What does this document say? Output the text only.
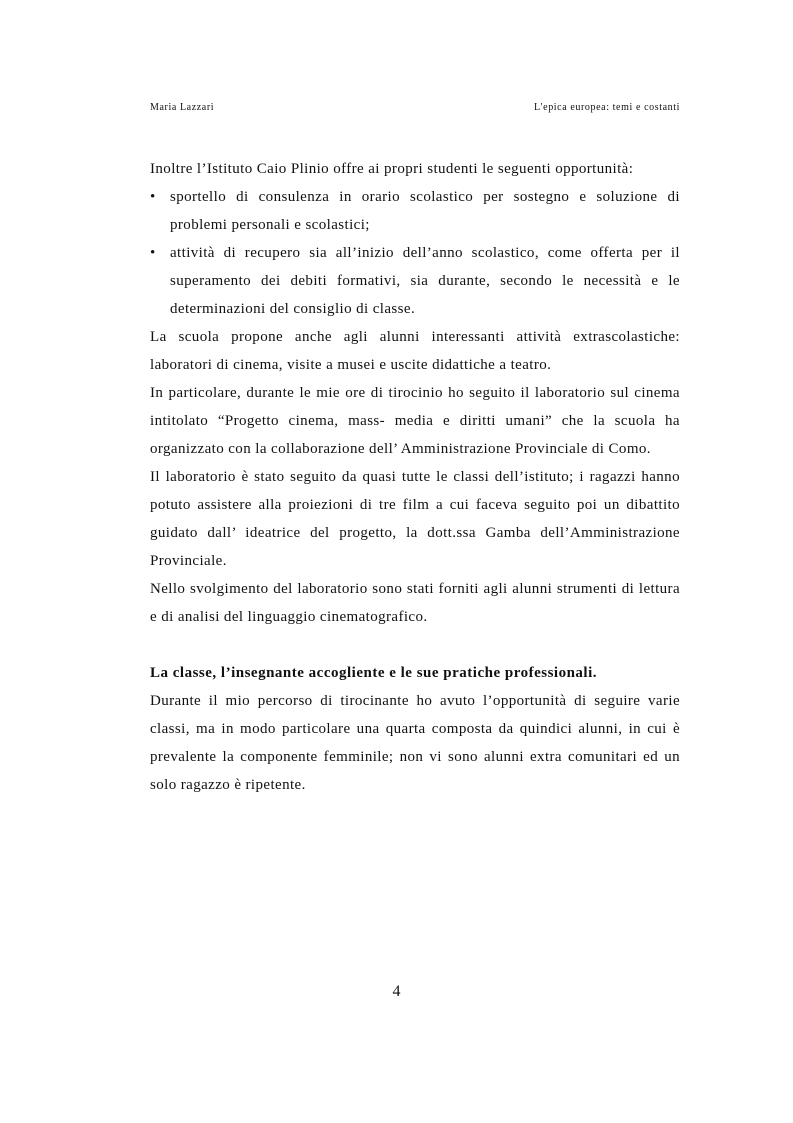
Maria Lazzari	L'epica europea: temi e costanti

Inoltre l’Istituto Caio Plinio offre ai propri studenti le seguenti opportunità:

• sportello di consulenza in orario scolastico per sostegno e soluzione di problemi personali e scolastici;
• attività di recupero sia all’inizio dell’anno scolastico, come offerta per il superamento dei debiti formativi, sia durante, secondo le necessità e le determinazioni del consiglio di classe.

La scuola propone anche agli alunni interessanti attività extrascolastiche: laboratori di cinema, visite a musei e uscite didattiche a teatro.

In particolare, durante le mie ore di tirocinio ho seguito il laboratorio sul cinema intitolato “Progetto cinema, mass- media e diritti umani” che la scuola ha organizzato con la collaborazione dell’ Amministrazione Provinciale di Como.

Il laboratorio è stato seguito da quasi tutte le classi dell’istituto; i ragazzi hanno potuto assistere alla proiezioni di tre film a cui faceva seguito poi un dibattito guidato dall’ ideatrice del progetto, la dott.ssa Gamba dell’Amministrazione Provinciale.

Nello svolgimento del laboratorio sono stati forniti agli alunni strumenti di lettura e di analisi del linguaggio cinematografico.

La classe, l’insegnante accogliente e le sue pratiche professionali.

Durante il mio percorso di tirocinante ho avuto l’opportunità di seguire varie classi, ma in modo particolare una quarta composta da quindici alunni, in cui è prevalente la componente femminile; non vi sono alunni extra comunitari ed un solo ragazzo è ripetente.

4
